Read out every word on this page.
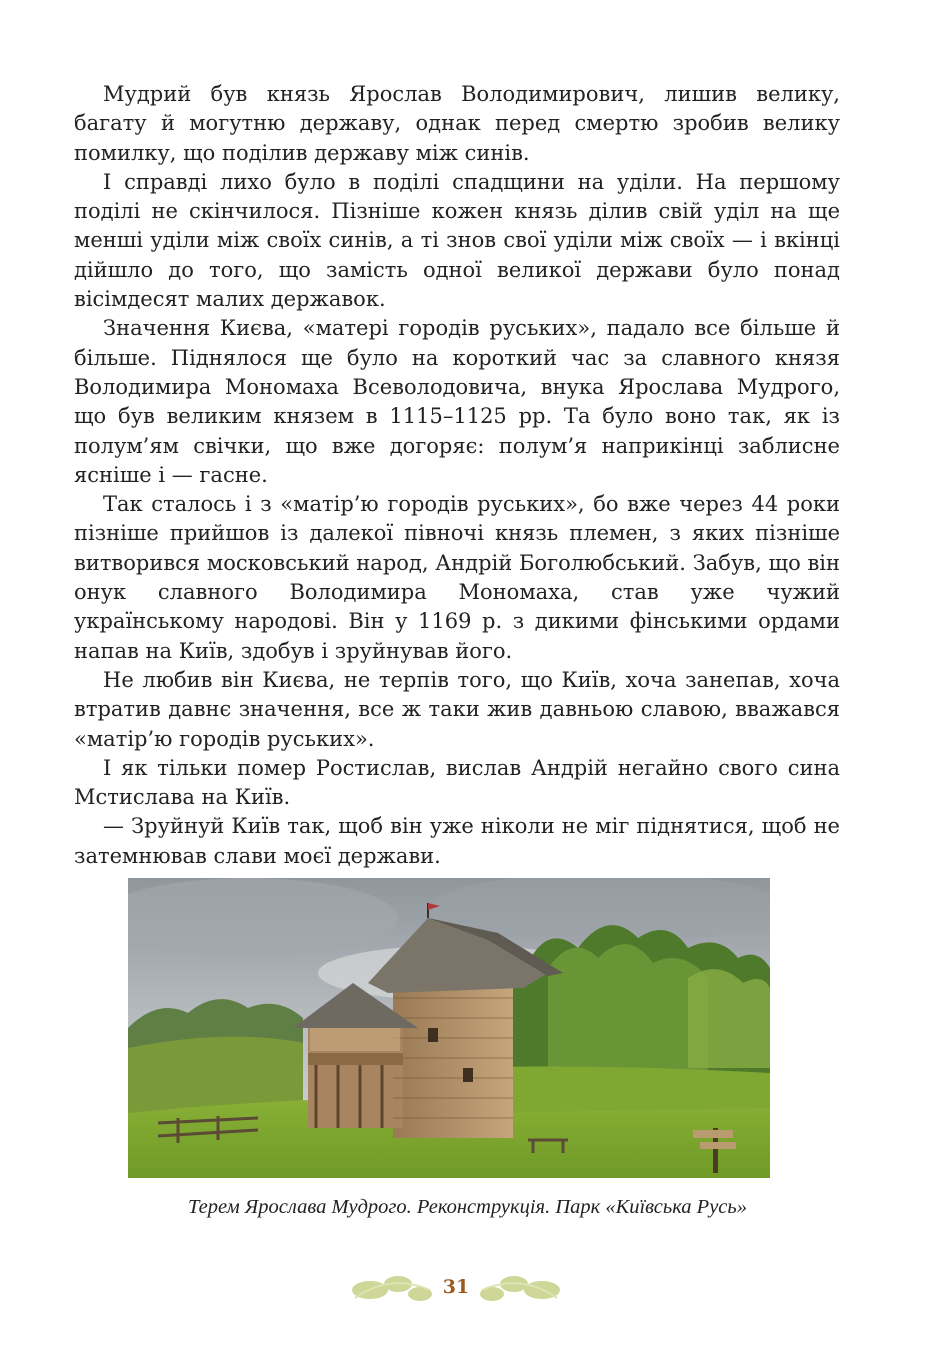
Мудрий був князь Ярослав Володимирович, лишив велику, багату й могутню державу, однак перед смертю зробив велику помилку, що поділив державу між синів.

І справді лихо було в поділі спадщини на уділи. На першому поділі не скінчилося. Пізніше кожен князь ділив свій уділ на ще менші уділи між своїх синів, а ті знов свої уділи між своїх — і вкінці дійшло до того, що замість одної великої держави було понад вісімдесят малих державок.

Значення Києва, «матері городів руських», падало все більше й більше. Піднялося ще було на короткий час за славного князя Володимира Мономаха Всеволодовича, внука Ярослава Мудрого, що був великим князем в 1115–1125 рр. Та було воно так, як із полум’ям свічки, що вже догоряє: полум’я наприкінці заблисне ясніше і — гасне.

Так сталось і з «матір’ю городів руських», бо вже через 44 роки пізніше прийшов із далекої півночі князь племен, з яких пізніше витворився московський народ, Андрій Боголюбський. Забув, що він онук славного Володимира Мономаха, став уже чужий українському народові. Він у 1169 р. з дикими фінськими ордами напав на Київ, здобув і зруйнував його.

Не любив він Києва, не терпів того, що Київ, хоча занепав, хоча втратив давнє значення, все ж таки жив давньою славою, вважався «матір’ю городів руських».

І як тільки помер Ростислав, вислав Андрій негайно свого сина Мстислава на Київ.

— Зруйнуй Київ так, щоб він уже ніколи не міг піднятися, щоб не затемнював слави моєї держави.

Терем Ярослава Мудрого. Реконструкція. Парк «Київська Русь»
31
